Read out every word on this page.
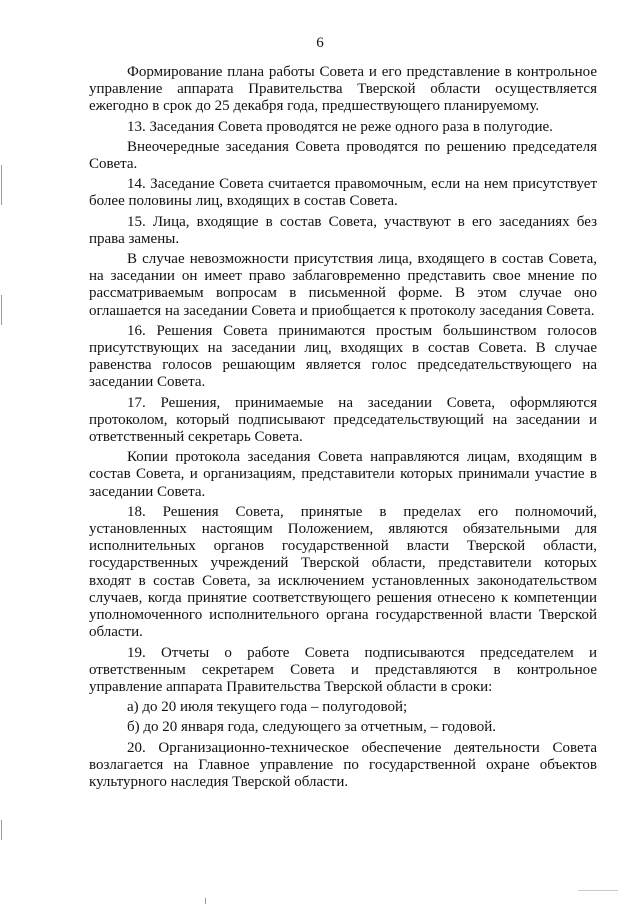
6

Формирование плана работы Совета и его представление в контрольное управление аппарата Правительства Тверской области осуществляется ежегодно в срок до 25 декабря года, предшествующего планируемому.

13. Заседания Совета проводятся не реже одного раза в полугодие.

Внеочередные заседания Совета проводятся по решению председателя Совета.

14. Заседание Совета считается правомочным, если на нем присутствует более половины лиц, входящих в состав Совета.

15. Лица, входящие в состав Совета, участвуют в его заседаниях без права замены.

В случае невозможности присутствия лица, входящего в состав Совета, на заседании он имеет право заблаговременно представить свое мнение по рассматриваемым вопросам в письменной форме. В этом случае оно оглашается на заседании Совета и приобщается к протоколу заседания Совета.

16. Решения Совета принимаются простым большинством голосов присутствующих на заседании лиц, входящих в состав Совета. В случае равенства голосов решающим является голос председательствующего на заседании Совета.

17. Решения, принимаемые на заседании Совета, оформляются протоколом, который подписывают председательствующий на заседании и ответственный секретарь Совета.

Копии протокола заседания Совета направляются лицам, входящим в состав Совета, и организациям, представители которых принимали участие в заседании Совета.

18. Решения Совета, принятые в пределах его полномочий, установленных настоящим Положением, являются обязательными для исполнительных органов государственной власти Тверской области, государственных учреждений Тверской области, представители которых входят в состав Совета, за исключением установленных законодательством случаев, когда принятие соответствующего решения отнесено к компетенции уполномоченного исполнительного органа государственной власти Тверской области.

19. Отчеты о работе Совета подписываются председателем и ответственным секретарем Совета и представляются в контрольное управление аппарата Правительства Тверской области в сроки:

а) до 20 июля текущего года – полугодовой;

б) до 20 января года, следующего за отчетным, – годовой.

20. Организационно-техническое обеспечение деятельности Совета возлагается на Главное управление по государственной охране объектов культурного наследия Тверской области.
